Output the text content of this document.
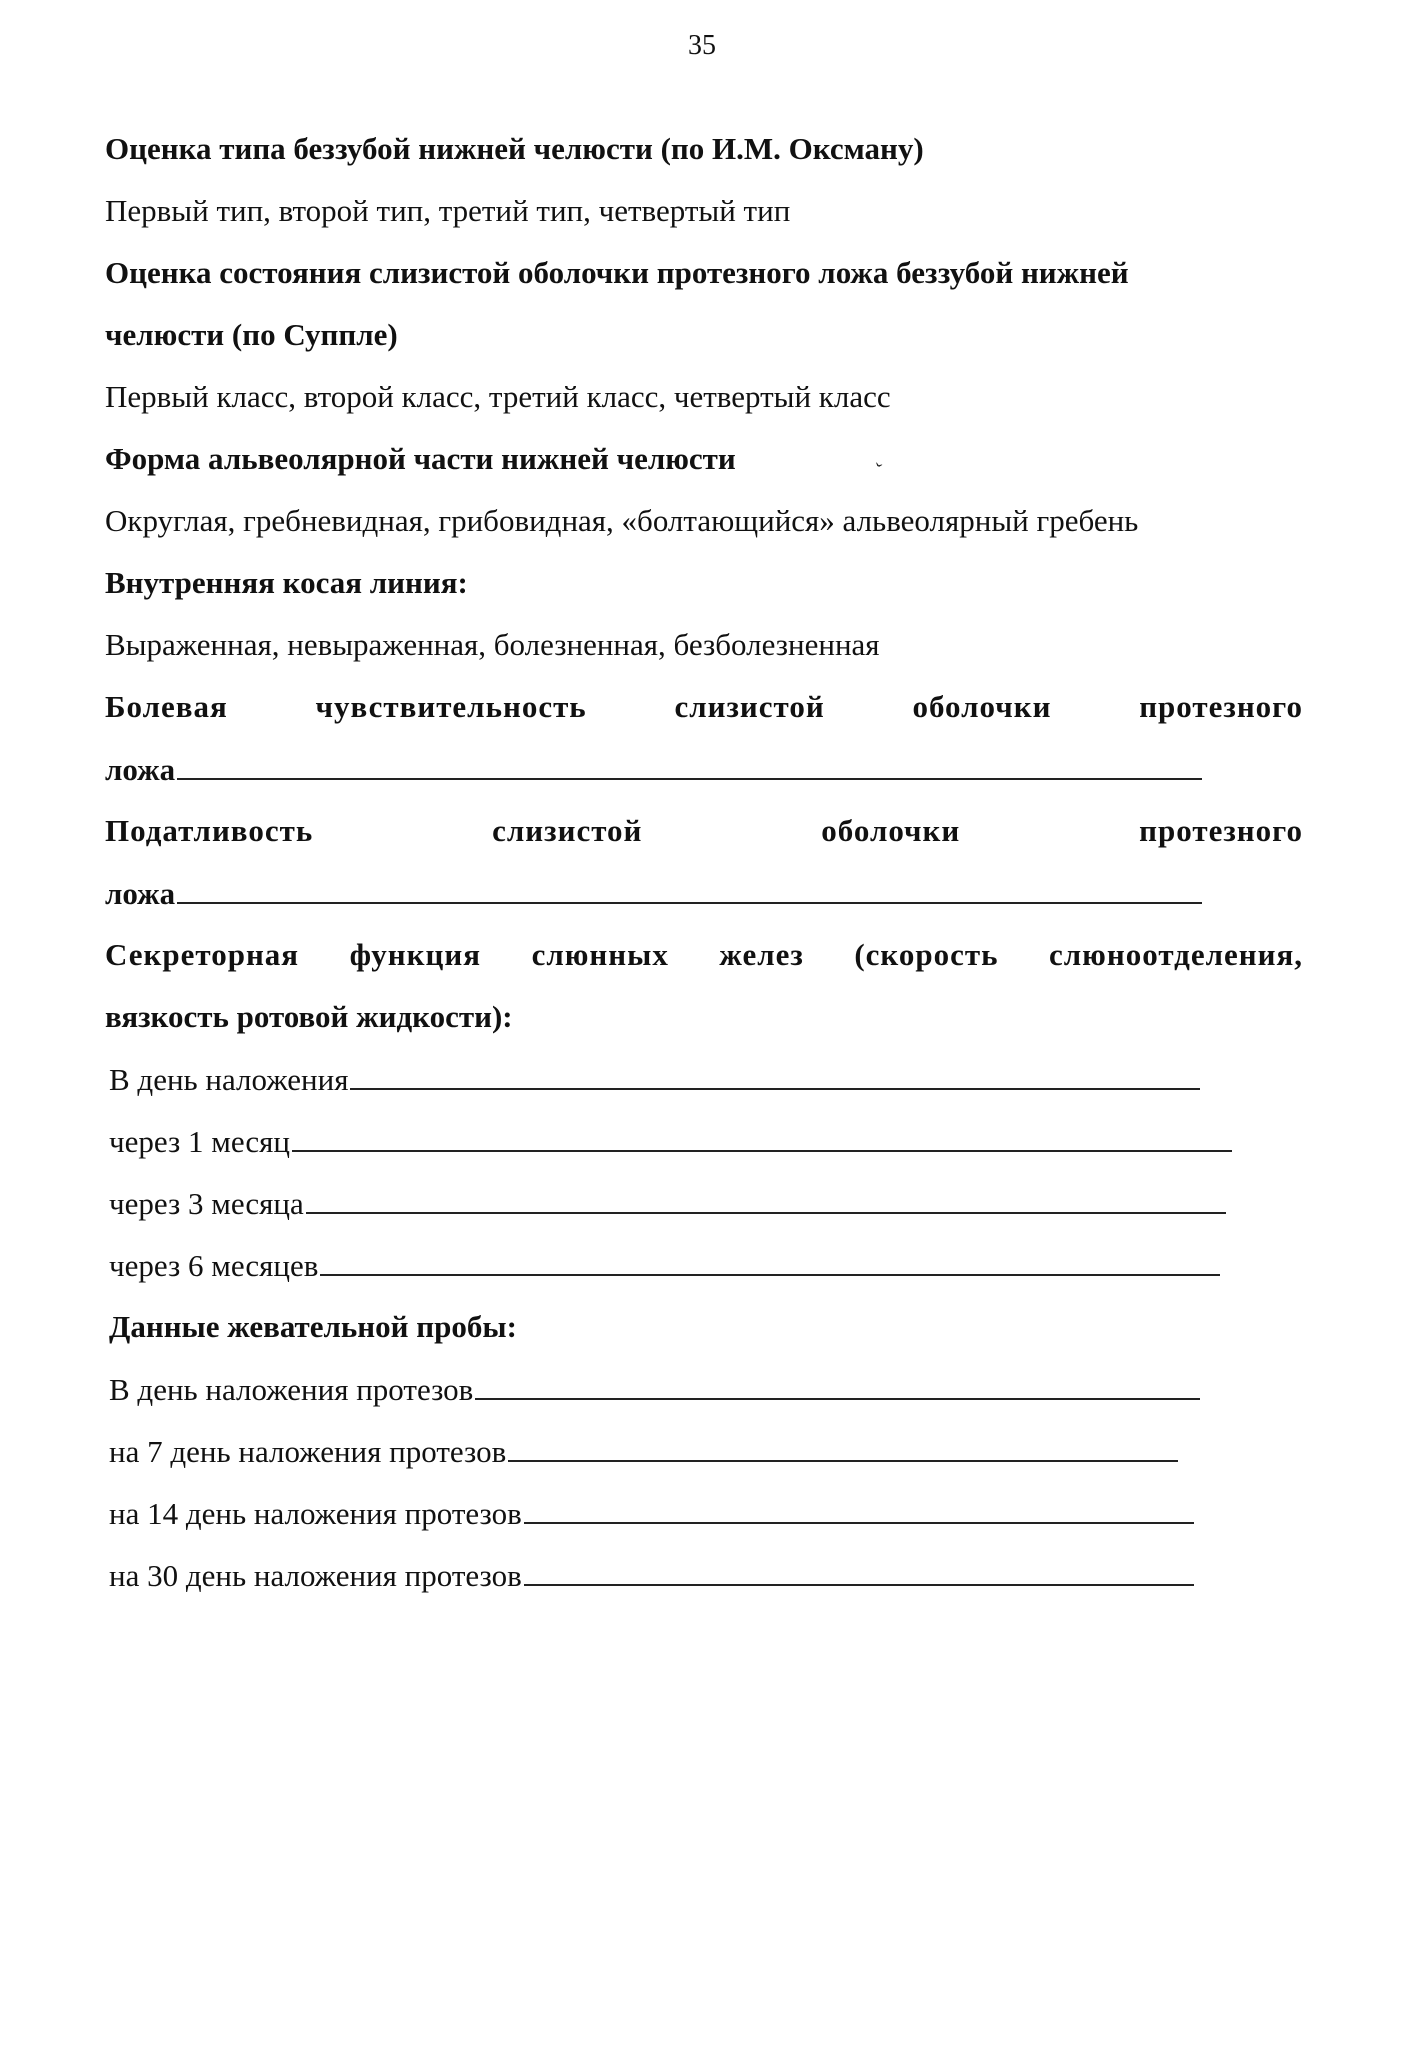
35

Оценка типа беззубой нижней челюсти (по И.М. Оксману)

Первый тип, второй тип, третий тип, четвертый тип

Оценка состояния слизистой оболочки протезного ложа беззубой нижней

челюсти (по Суппле)

Первый класс, второй класс, третий класс, четвертый класс

Форма альвеолярной части нижней челюсти

Округлая, гребневидная, грибовидная, «болтающийся» альвеолярный гребень

Внутренняя косая линия:

Выраженная, невыраженная, болезненная, безболезненная

Болевая	чувствительность	слизистой	оболочки	протезного
ложа
Податливость	слизистой	оболочки	протезного
ложа
Секреторная функция слюнных желез (скорость слюноотделения,

вязкость ротовой жидкости):

В день наложения
через 1 месяц
через 3 месяца
через 6 месяцев

Данные жевательной пробы:

В день наложения протезов
на 7 день наложения протезов
на 14 день наложения протезов
на 30 день наложения протезов
ˇ
